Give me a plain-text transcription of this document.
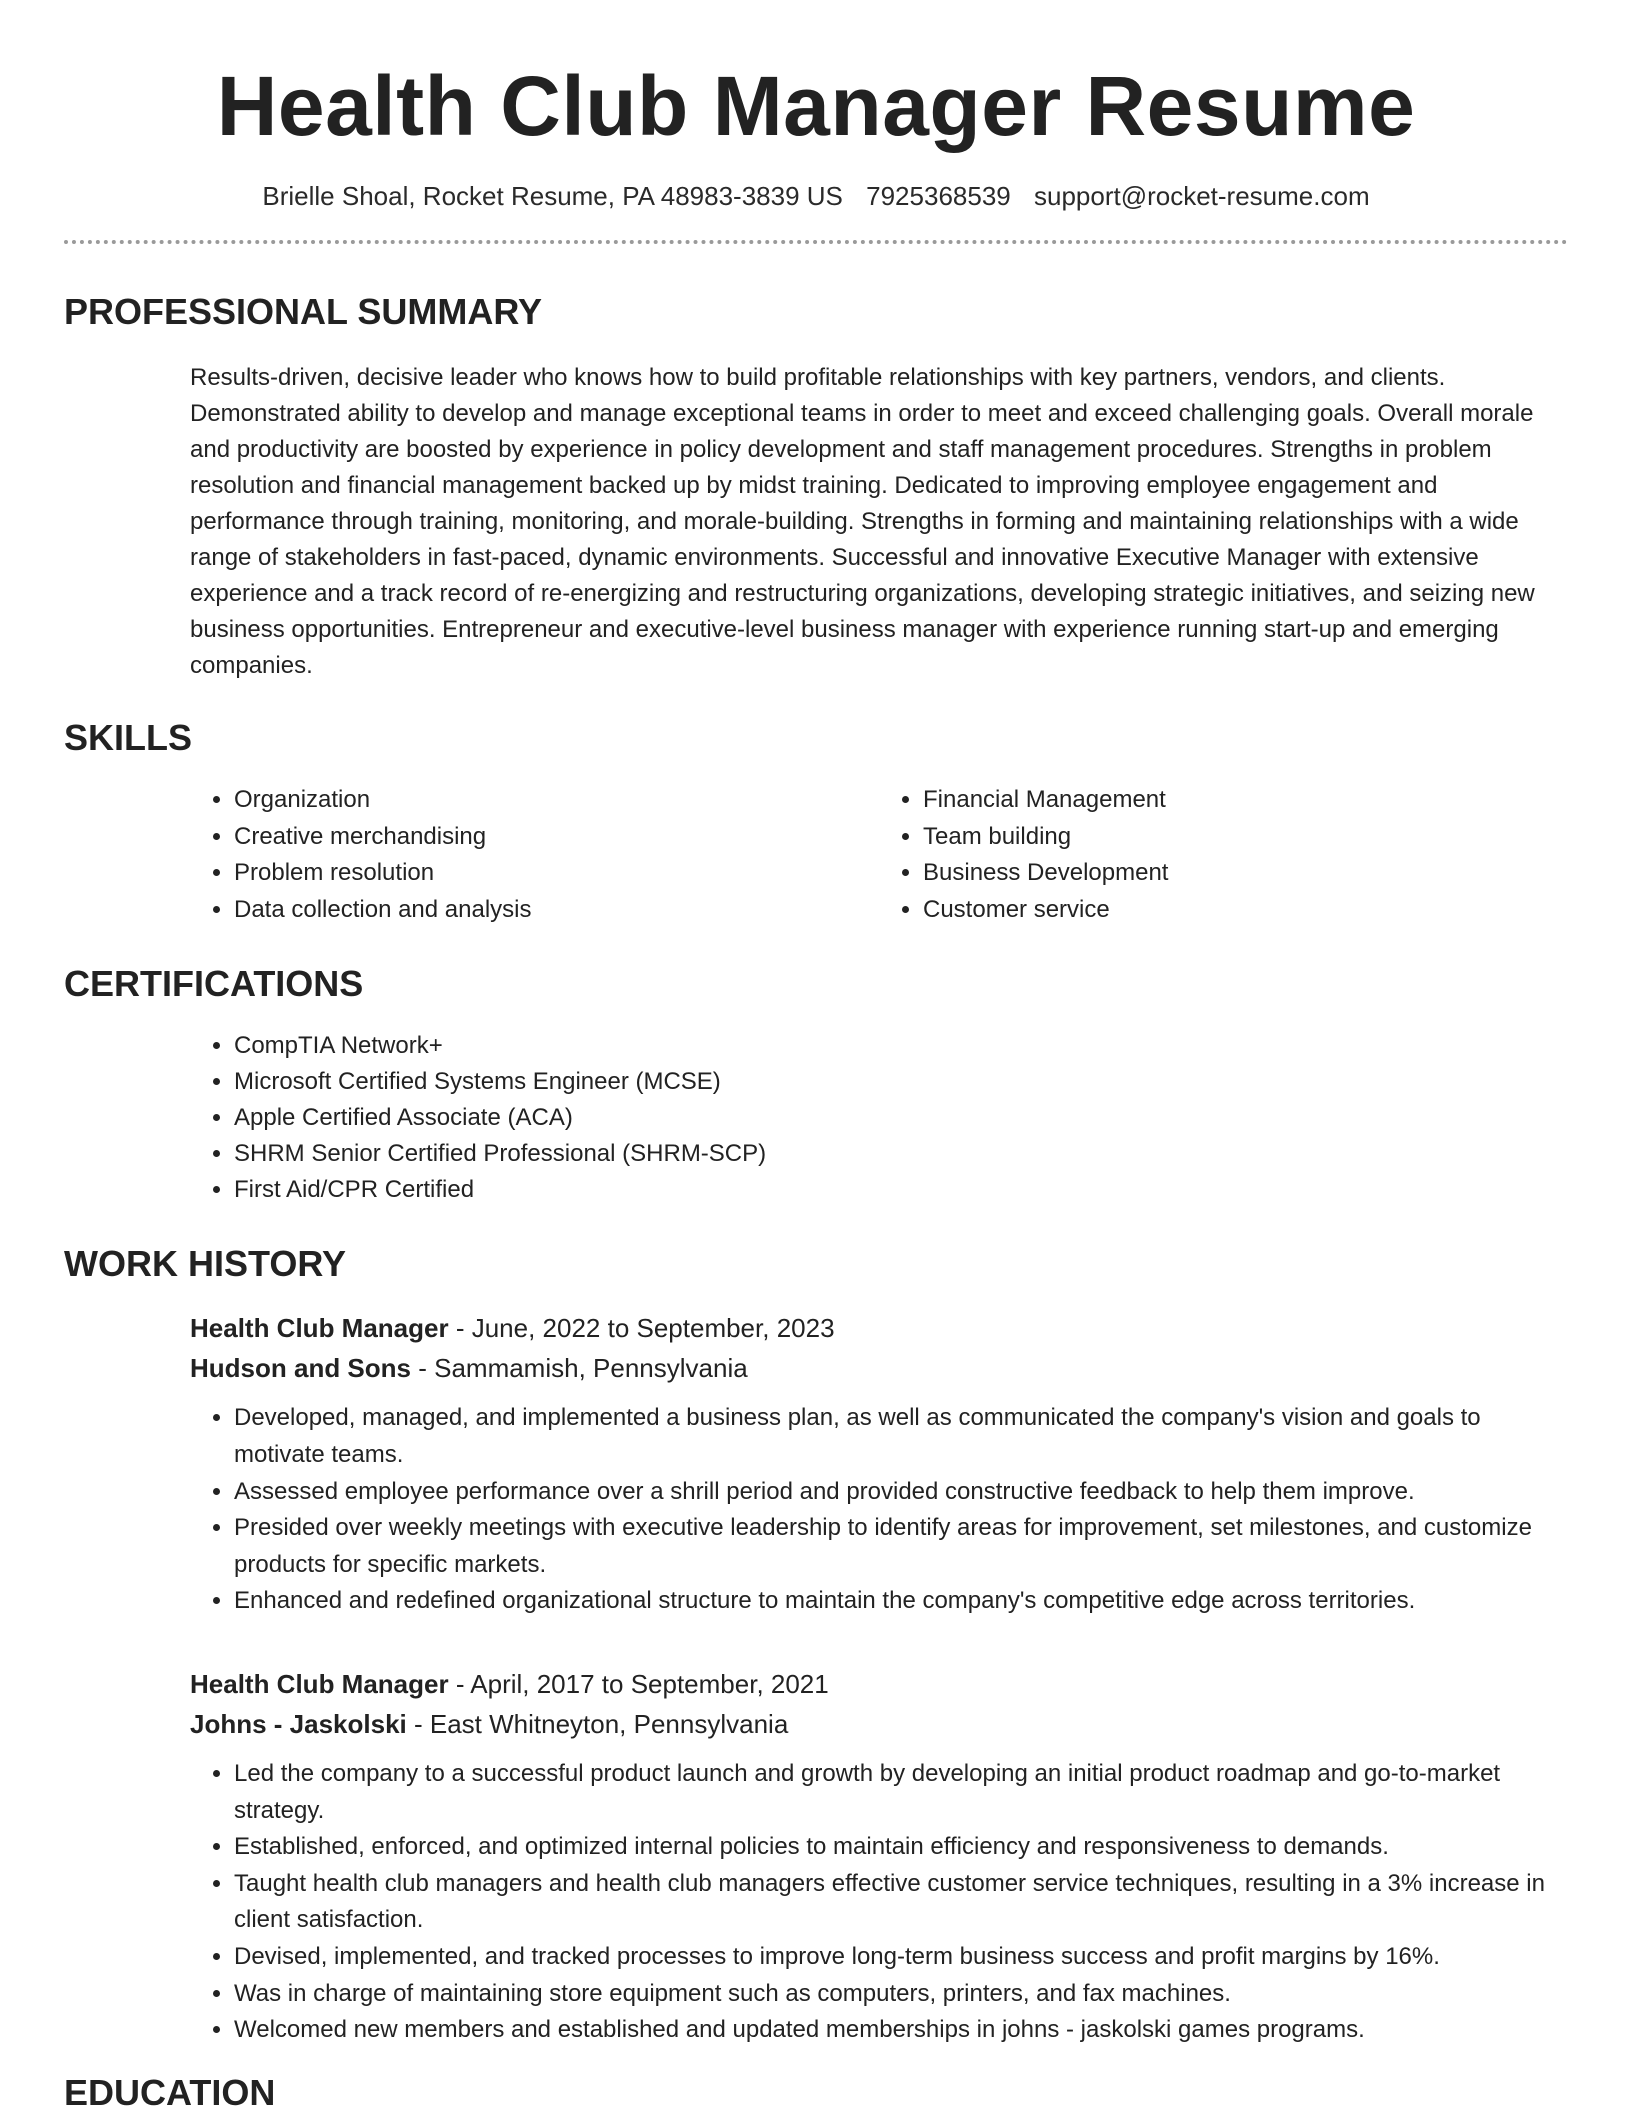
Health Club Manager Resume
Brielle Shoal, Rocket Resume, PA 48983-3839 US 7925368539 support@rocket-resume.com
PROFESSIONAL SUMMARY

Results-driven, decisive leader who knows how to build profitable relationships with key partners, vendors, and clients. Demonstrated ability to develop and manage exceptional teams in order to meet and exceed challenging goals. Overall morale and productivity are boosted by experience in policy development and staff management procedures. Strengths in problem resolution and financial management backed up by midst training. Dedicated to improving employee engagement and performance through training, monitoring, and morale-building. Strengths in forming and maintaining relationships with a wide range of stakeholders in fast-paced, dynamic environments. Successful and innovative Executive Manager with extensive experience and a track record of re-energizing and restructuring organizations, developing strategic initiatives, and seizing new business opportunities. Entrepreneur and executive-level business manager with experience running start-up and emerging companies.

SKILLS
• Organization
• Creative merchandising
• Problem resolution
• Data collection and analysis
• Financial Management
• Team building
• Business Development
• Customer service
CERTIFICATIONS
• CompTIA Network+
• Microsoft Certified Systems Engineer (MCSE)
• Apple Certified Associate (ACA)
• SHRM Senior Certified Professional (SHRM-SCP)
• First Aid/CPR Certified
WORK HISTORY
Health Club Manager - June, 2022 to September, 2023
Hudson and Sons - Sammamish, Pennsylvania
• Developed, managed, and implemented a business plan, as well as communicated the company's vision and goals to motivate teams.
• Assessed employee performance over a shrill period and provided constructive feedback to help them improve.
• Presided over weekly meetings with executive leadership to identify areas for improvement, set milestones, and customize products for specific markets.
• Enhanced and redefined organizational structure to maintain the company's competitive edge across territories.
Health Club Manager - April, 2017 to September, 2021
Johns - Jaskolski - East Whitneyton, Pennsylvania
• Led the company to a successful product launch and growth by developing an initial product roadmap and go-to-market strategy.
• Established, enforced, and optimized internal policies to maintain efficiency and responsiveness to demands.
• Taught health club managers and health club managers effective customer service techniques, resulting in a 3% increase in client satisfaction.
• Devised, implemented, and tracked processes to improve long-term business success and profit margins by 16%.
• Was in charge of maintaining store equipment such as computers, printers, and fax machines.
• Welcomed new members and established and updated memberships in johns - jaskolski games programs.
EDUCATION
